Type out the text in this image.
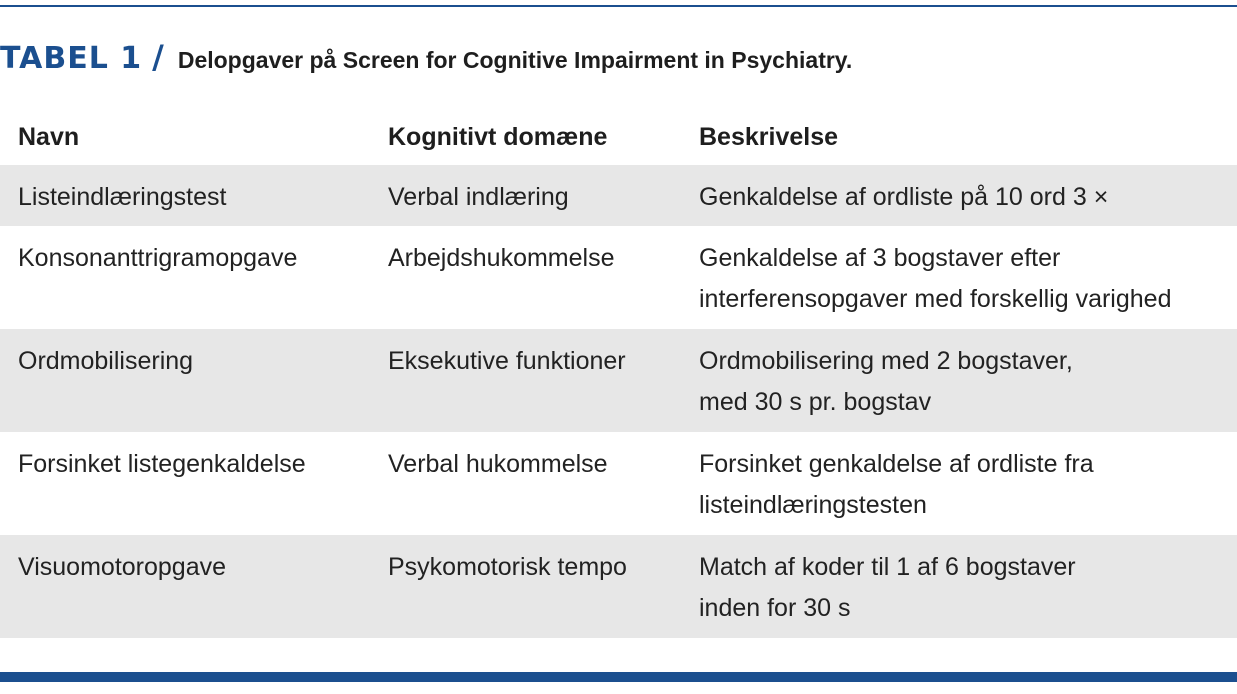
TABEL 1 / Delopgaver på Screen for Cognitive Impairment in Psychiatry.
Navn	Kognitivt domæne	Beskrivelse
Listeindlæringstest	Verbal indlæring	Genkaldelse af ordliste på 10 ord 3 ×
Konsonanttrigramopgave	Arbejdshukommelse	Genkaldelse af 3 bogstaver efter
interferensopgaver med forskellig varighed
Ordmobilisering	Eksekutive funktioner	Ordmobilisering med 2 bogstaver,
med 30 s pr. bogstav
Forsinket listegenkaldelse	Verbal hukommelse	Forsinket genkaldelse af ordliste fra
listeindlæringstesten
Visuomotoropgave	Psykomotorisk tempo	Match af koder til 1 af 6 bogstaver
inden for 30 s
